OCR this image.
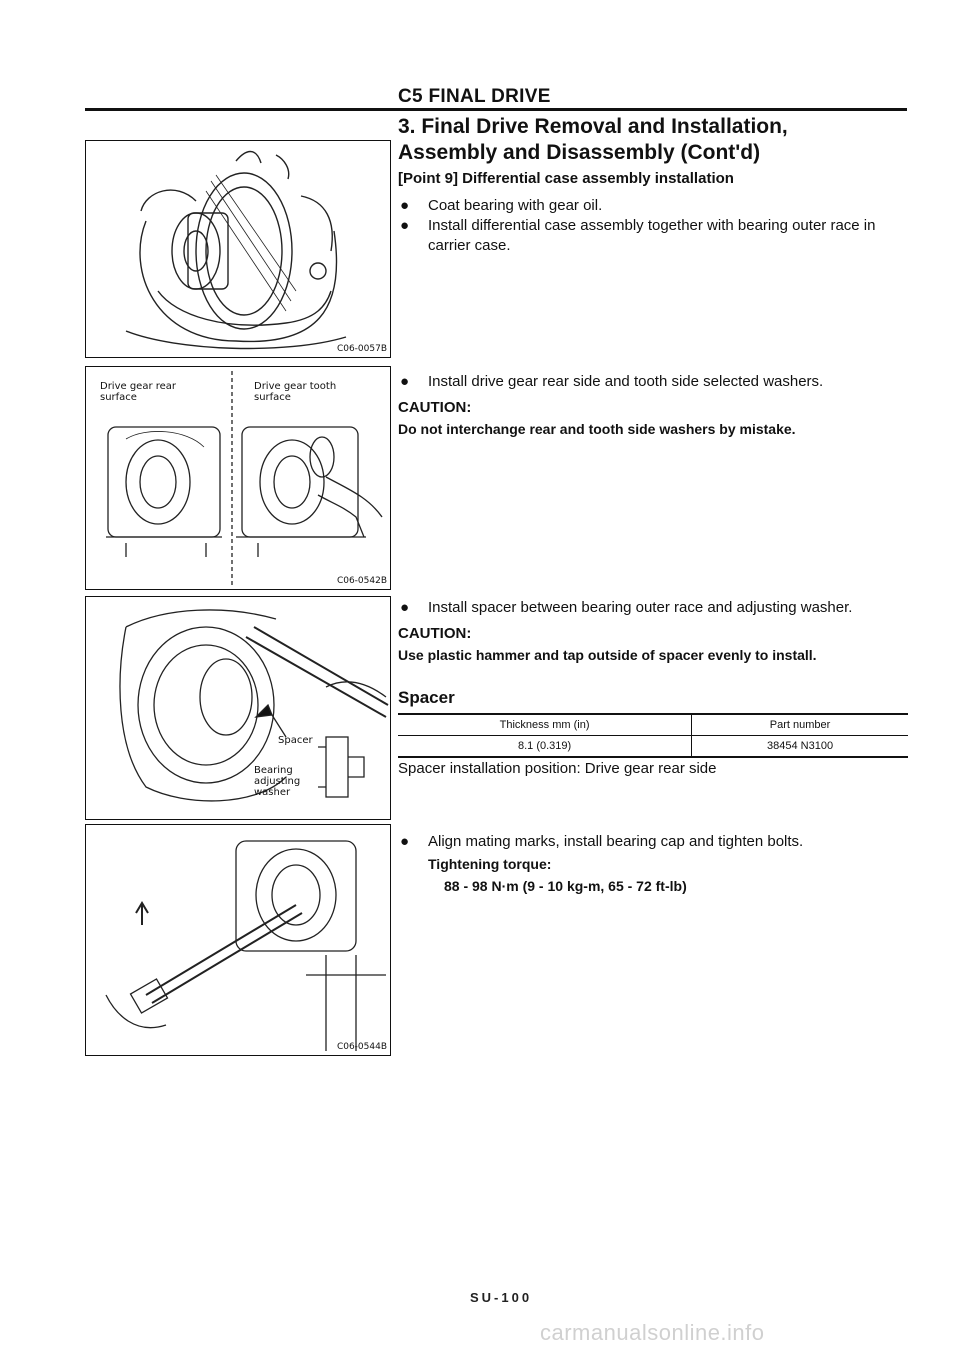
C5 FINAL DRIVE
3. Final Drive Removal and Installation,
Assembly and Disassembly (Cont'd)
[Point 9] Differential case assembly installation
● Coat bearing with gear oil.
● Install differential case assembly together with bearing outer race in carrier case.
● Install drive gear rear side and tooth side selected washers.
CAUTION:
Do not interchange rear and tooth side washers by mistake.
● Install spacer between bearing outer race and adjusting washer.
CAUTION:
Use plastic hammer and tap outside of spacer evenly to install.
Spacer
Thickness mm (in)	Part number
8.1 (0.319)	38454 N3100
Spacer installation position: Drive gear rear side
● Align mating marks, install bearing cap and tighten bolts.
Tightening torque:
88 - 98 N·m (9 - 10 kg-m, 65 - 72 ft-lb)
C06-0057B
Drive gear rear surface
Drive gear tooth surface
C06-0542B
Spacer
Bearing adjusting washer
C06-0544B
SU-100
carmanualsonline.info
